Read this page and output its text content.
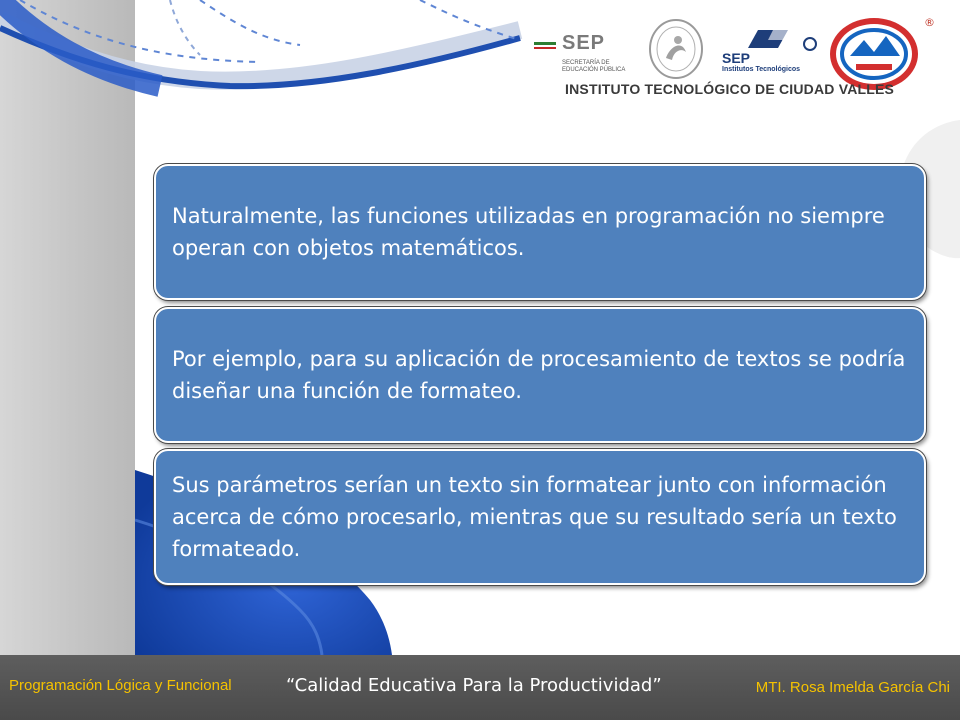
SEP
SECRETARÍA DE EDUCACIÓN PÚBLICA
SEP
Institutos Tecnológicos
®
INSTITUTO TECNOLÓGICO DE CIUDAD VALLES
Naturalmente, las funciones utilizadas en programación no siempre operan con objetos matemáticos.
Por ejemplo, para su aplicación de procesamiento de textos se podría diseñar una función de formateo.
Sus parámetros serían un texto sin formatear junto con información acerca de cómo procesarlo, mientras que su resultado sería un texto formateado.
Programación Lógica y Funcional	“Calidad Educativa Para la Productividad”	MTI. Rosa Imelda García Chi
